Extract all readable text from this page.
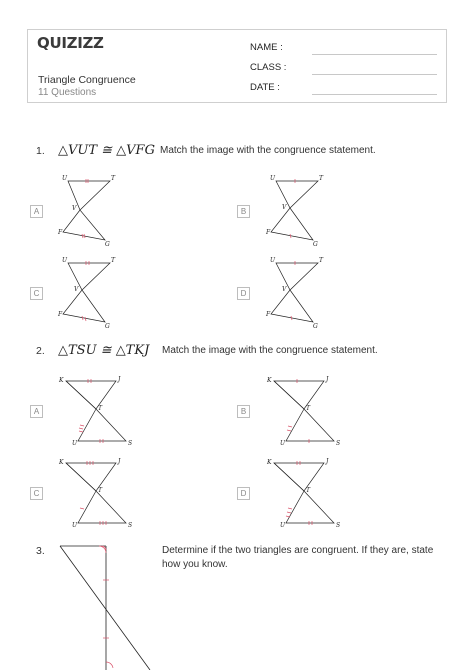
QUIZIZZ
Triangle Congruence
11 Questions
NAME :
CLASS :
DATE :
1. △VUT ≅ △VFG Match the image with the congruence statement.
A	B
C	D
U	T
V
F
G
U	T
V
F
G
U	T
V
F
G
U	T
V
F
G
2. △TSU ≅ △TKJ Match the image with the congruence statement.
A	B
C	D
K	J
T
U	S
K	J
T
U	S
K	J
T
U	S
K	J
T
U	S
3.	Determine if the two triangles are congruent. If they are, state how you know.
